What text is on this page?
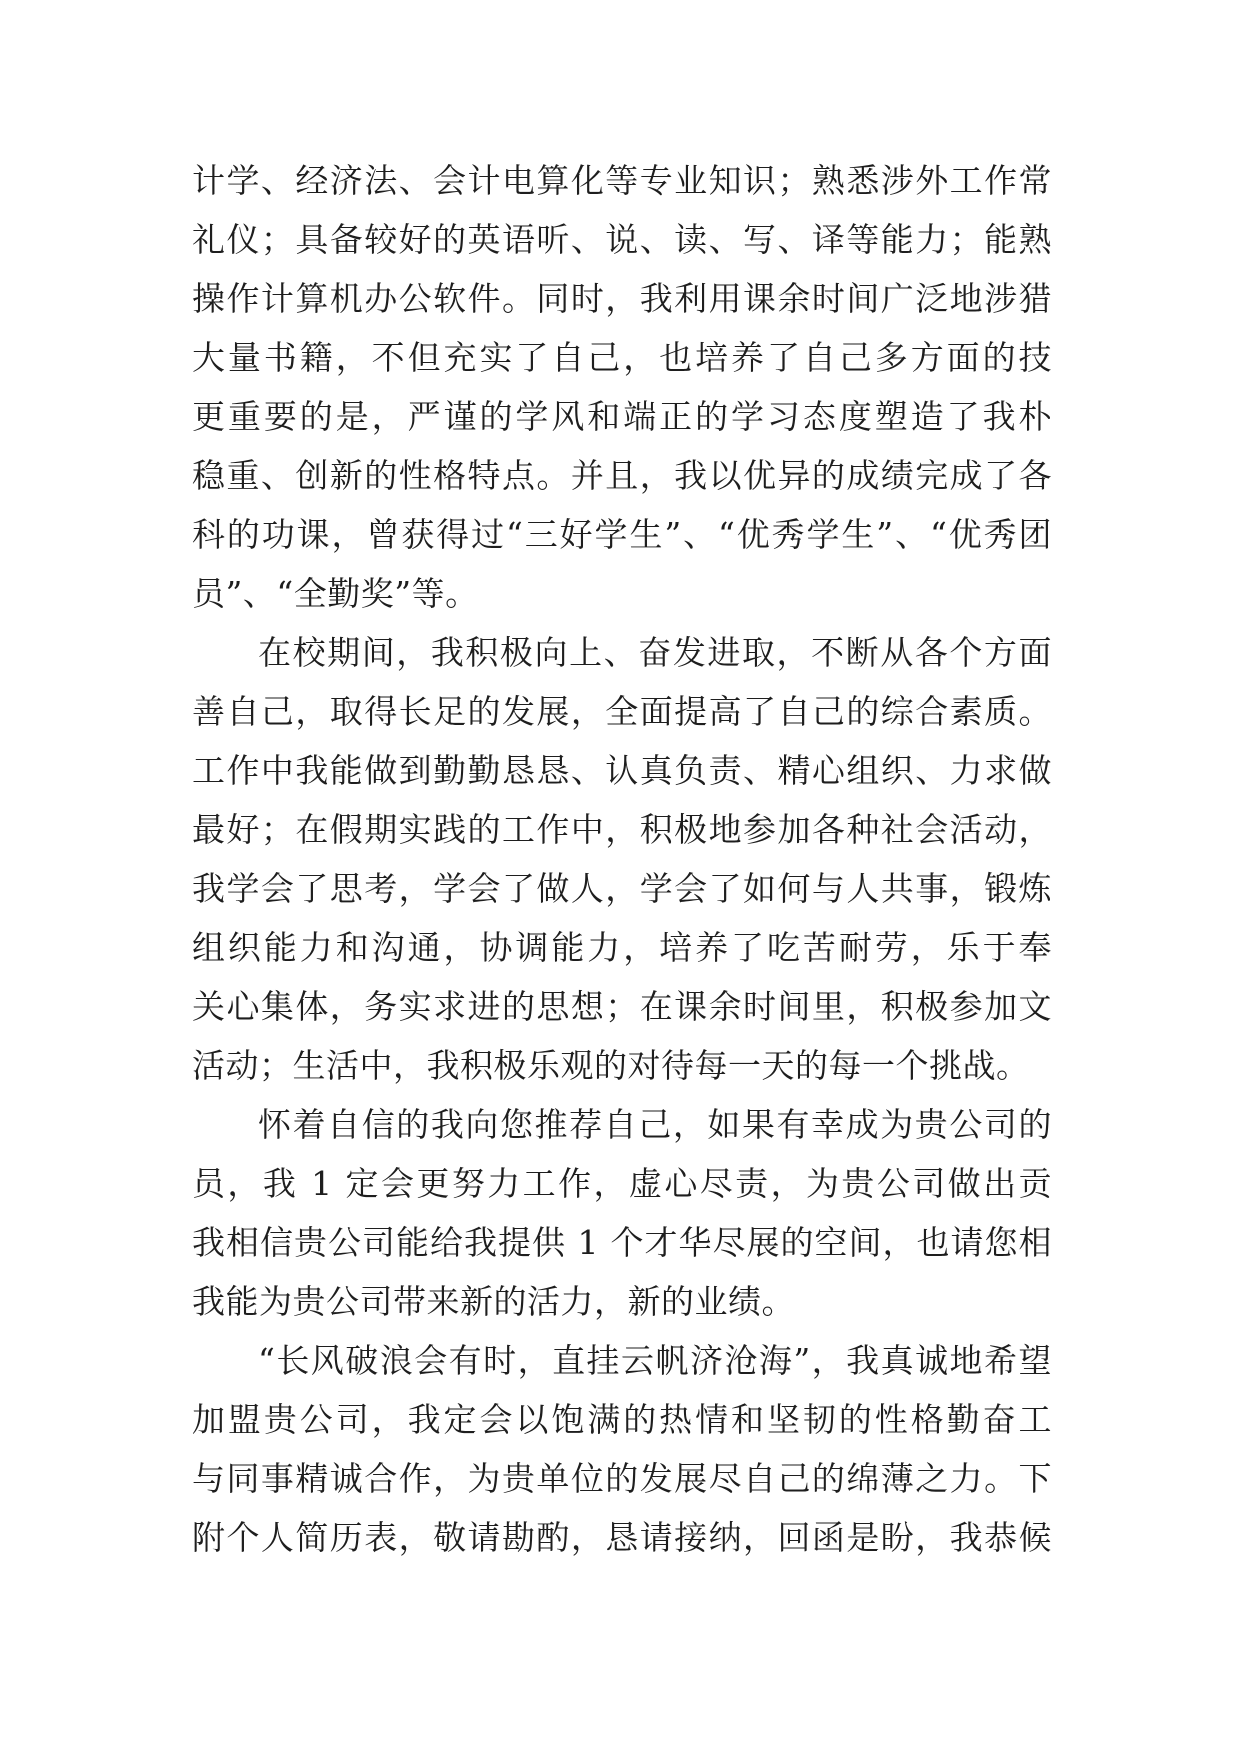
计学、经济法、会计电算化等专业知识；熟悉涉外工作常
礼仪；具备较好的英语听、说、读、写、译等能力；能熟
操作计算机办公软件。同时，我利用课余时间广泛地涉猎
大量书籍，不但充实了自己，也培养了自己多方面的技
更重要的是，严谨的学风和端正的学习态度塑造了我朴
稳重、创新的性格特点。并且，我以优异的成绩完成了各
科的功课，曾获得过“三好学生”、“优秀学生”、“优秀团
员”、“全勤奖”等。
在校期间，我积极向上、奋发进取，不断从各个方面
善自己，取得长足的发展，全面提高了自己的综合素质。
工作中我能做到勤勤恳恳、认真负责、精心组织、力求做
最好；在假期实践的工作中，积极地参加各种社会活动，
我学会了思考，学会了做人，学会了如何与人共事，锻炼
组织能力和沟通，协调能力，培养了吃苦耐劳，乐于奉
关心集体，务实求进的思想；在课余时间里，积极参加文
活动；生活中，我积极乐观的对待每一天的每一个挑战。
怀着自信的我向您推荐自己，如果有幸成为贵公司的
员，我 1 定会更努力工作，虚心尽责，为贵公司做出贡
我相信贵公司能给我提供 1 个才华尽展的空间，也请您相
我能为贵公司带来新的活力，新的业绩。
“长风破浪会有时，直挂云帆济沧海”，我真诚地希望
加盟贵公司，我定会以饱满的热情和坚韧的性格勤奋工
与同事精诚合作，为贵单位的发展尽自己的绵薄之力。下
附个人简历表，敬请勘酌，恳请接纳，回函是盼，我恭候
